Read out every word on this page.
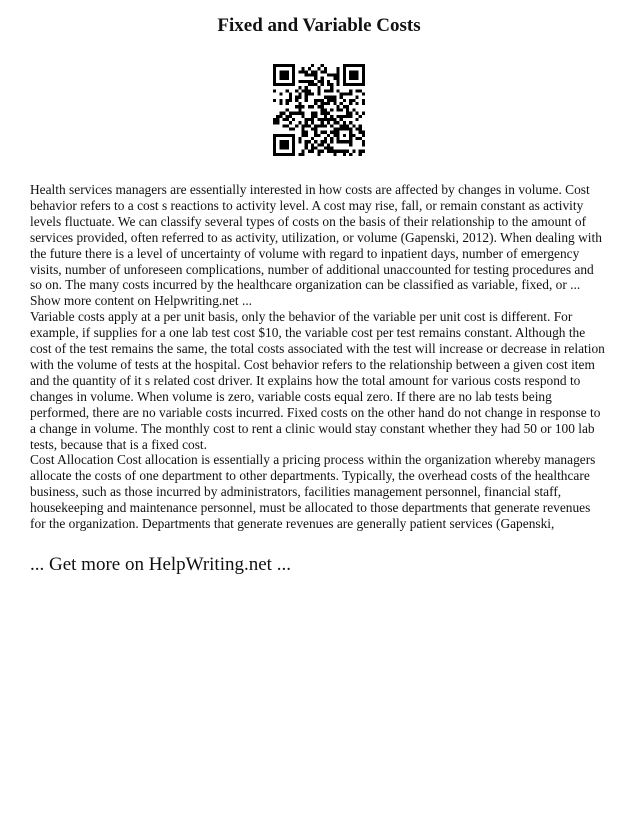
Fixed and Variable Costs

Health services managers are essentially interested in how costs are affected by changes in volume. Cost behavior refers to a cost s reactions to activity level. A cost may rise, fall, or remain constant as activity levels fluctuate. We can classify several types of costs on the basis of their relationship to the amount of services provided, often referred to as activity, utilization, or volume (Gapenski, 2012). When dealing with the future there is a level of uncertainty of volume with regard to inpatient days, number of emergency visits, number of unforeseen complications, number of additional unaccounted for testing procedures and so on. The many costs incurred by the healthcare organization can be classified as variable, fixed, or ... Show more content on Helpwriting.net ...

Variable costs apply at a per unit basis, only the behavior of the variable per unit cost is different. For example, if supplies for a one lab test cost $10, the variable cost per test remains constant. Although the cost of the test remains the same, the total costs associated with the test will increase or decrease in relation with the volume of tests at the hospital. Cost behavior refers to the relationship between a given cost item and the quantity of it s related cost driver. It explains how the total amount for various costs respond to changes in volume. When volume is zero, variable costs equal zero. If there are no lab tests being performed, there are no variable costs incurred. Fixed costs on the other hand do not change in response to a change in volume. The monthly cost to rent a clinic would stay constant whether they had 50 or 100 lab tests, because that is a fixed cost.

Cost Allocation Cost allocation is essentially a pricing process within the organization whereby managers allocate the costs of one department to other departments. Typically, the overhead costs of the healthcare business, such as those incurred by administrators, facilities management personnel, financial staff, housekeeping and maintenance personnel, must be allocated to those departments that generate revenues for the organization. Departments that generate revenues are generally patient services (Gapenski,

... Get more on HelpWriting.net ...
